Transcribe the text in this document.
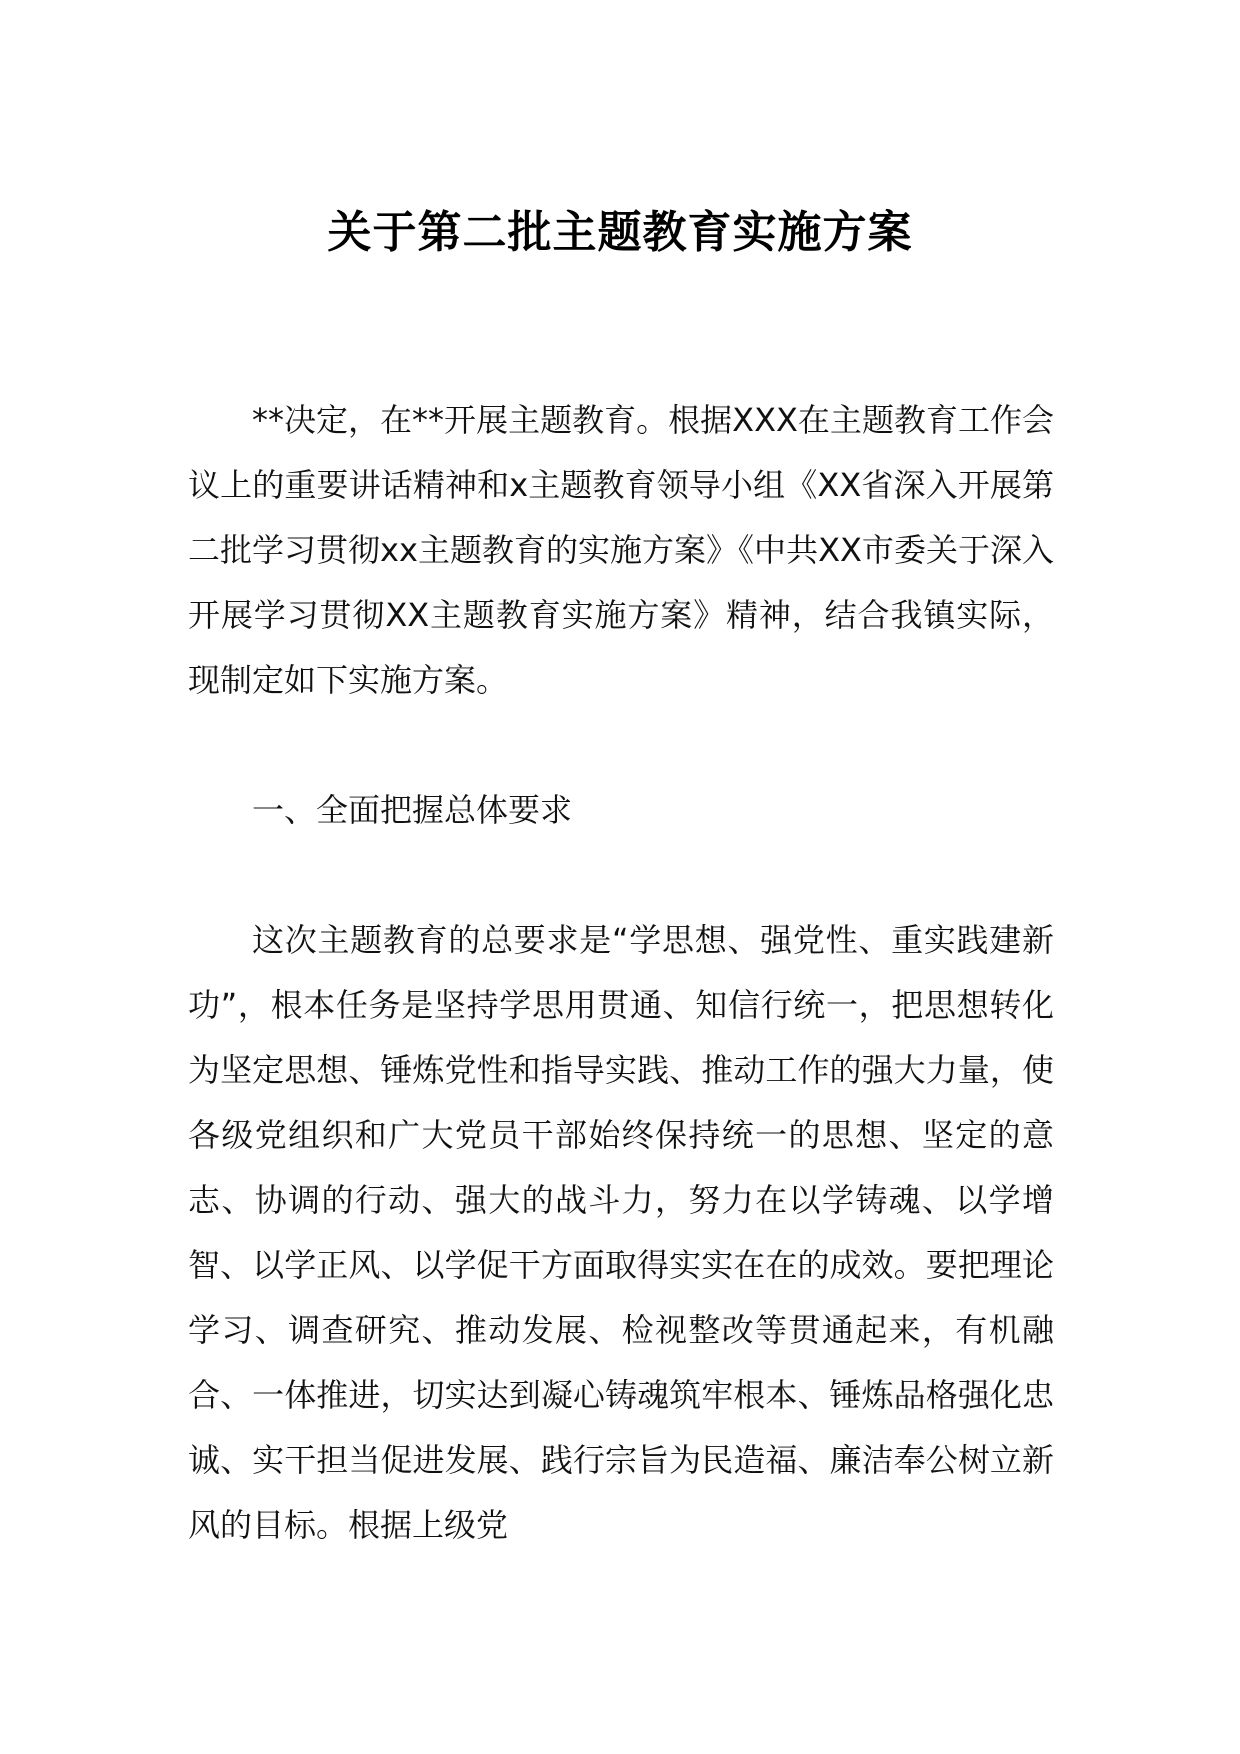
关于第二批主题教育实施方案

**决定，在**开展主题教育。根据XXX在主题教育工作会议上的重要讲话精神和x主题教育领导小组《XX省深入开展第二批学习贯彻xx主题教育的实施方案》《中共XX市委关于深入开展学习贯彻XX主题教育实施方案》精神，结合我镇实际，现制定如下实施方案。

一、全面把握总体要求

这次主题教育的总要求是“学思想、强党性、重实践建新功”，根本任务是坚持学思用贯通、知信行统一，把思想转化为坚定思想、锤炼党性和指导实践、推动工作的强大力量，使各级党组织和广大党员干部始终保持统一的思想、坚定的意志、协调的行动、强大的战斗力，努力在以学铸魂、以学增智、以学正风、以学促干方面取得实实在在的成效。要把理论学习、调查研究、推动发展、检视整改等贯通起来，有机融合、一体推进，切实达到凝心铸魂筑牢根本、锤炼品格强化忠诚、实干担当促进发展、践行宗旨为民造福、廉洁奉公树立新风的目标。根据上级党
